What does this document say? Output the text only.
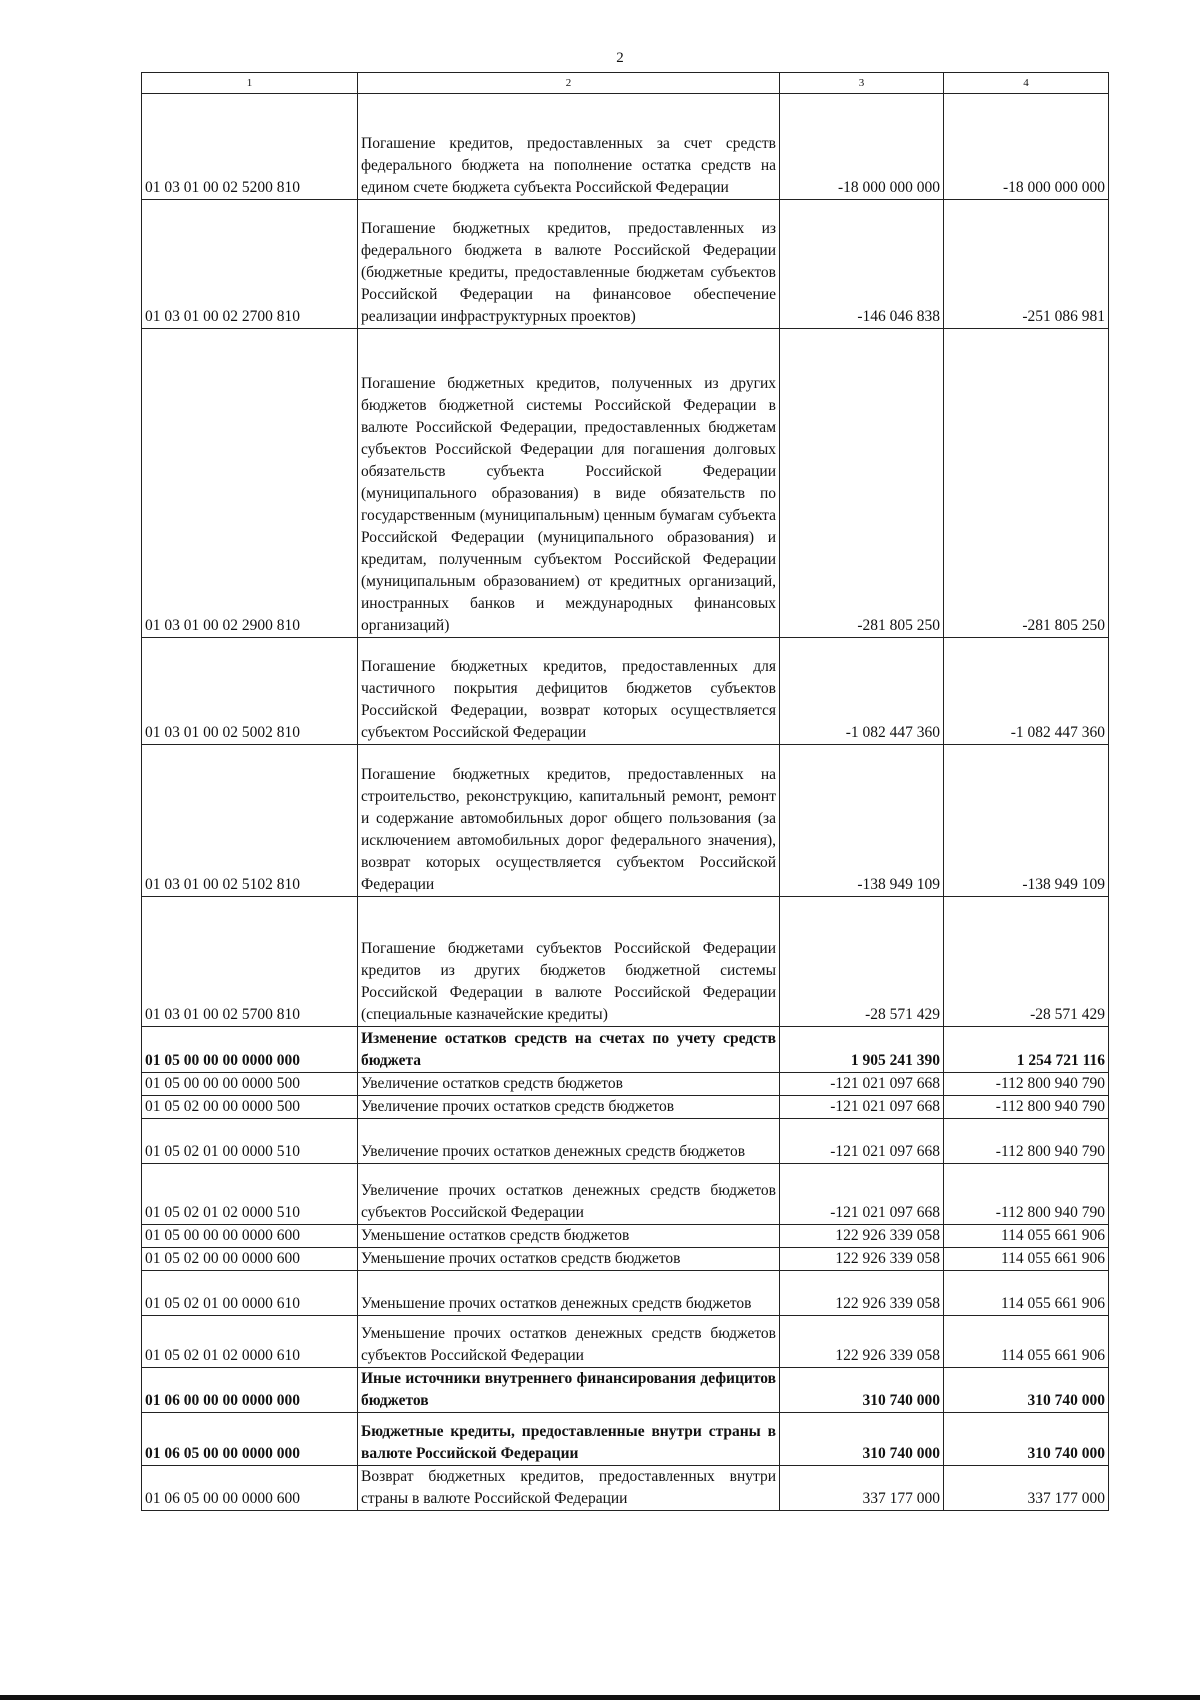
2
1	2	3	4
01 03 01 00 02 5200 810	Погашение кредитов, предоставленных за счет средств федерального бюджета на пополнение остатка средств на едином счете бюджета субъекта Российской Федерации	-18 000 000 000	-18 000 000 000
01 03 01 00 02 2700 810	Погашение бюджетных кредитов, предоставленных из федерального бюджета в валюте Российской Федерации (бюджетные кредиты, предоставленные бюджетам субъектов Российской Федерации на финансовое обеспечение реализации инфраструктурных проектов)	-146 046 838	-251 086 981
01 03 01 00 02 2900 810	Погашение бюджетных кредитов, полученных из других бюджетов бюджетной системы Российской Федерации в валюте Российской Федерации, предоставленных бюджетам субъектов Российской Федерации для погашения долговых обязательств субъекта Российской Федерации (муниципального образования) в виде обязательств по государственным (муниципальным) ценным бумагам субъекта Российской Федерации (муниципального образования) и кредитам, полученным субъектом Российской Федерации (муниципальным образованием) от кредитных организаций, иностранных банков и международных финансовых организаций)	-281 805 250	-281 805 250
01 03 01 00 02 5002 810	Погашение бюджетных кредитов, предоставленных для частичного покрытия дефицитов бюджетов субъектов Российской Федерации, возврат которых осуществляется субъектом Российской Федерации	-1 082 447 360	-1 082 447 360
01 03 01 00 02 5102 810	Погашение бюджетных кредитов, предоставленных на строительство, реконструкцию, капитальный ремонт, ремонт и содержание автомобильных дорог общего пользования (за исключением автомобильных дорог федерального значения), возврат которых осуществляется субъектом Российской Федерации	-138 949 109	-138 949 109
01 03 01 00 02 5700 810	Погашение бюджетами субъектов Российской Федерации кредитов из других бюджетов бюджетной системы Российской Федерации в валюте Российской Федерации (специальные казначейские кредиты)	-28 571 429	-28 571 429
01 05 00 00 00 0000 000	Изменение остатков средств на счетах по учету средств бюджета	1 905 241 390	1 254 721 116
01 05 00 00 00 0000 500	Увеличение остатков средств бюджетов	-121 021 097 668	-112 800 940 790
01 05 02 00 00 0000 500	Увеличение прочих остатков средств бюджетов	-121 021 097 668	-112 800 940 790
01 05 02 01 00 0000 510	Увеличение прочих остатков денежных средств бюджетов	-121 021 097 668	-112 800 940 790
01 05 02 01 02 0000 510	Увеличение прочих остатков денежных средств бюджетов субъектов Российской Федерации	-121 021 097 668	-112 800 940 790
01 05 00 00 00 0000 600	Уменьшение остатков средств бюджетов	122 926 339 058	114 055 661 906
01 05 02 00 00 0000 600	Уменьшение прочих остатков средств бюджетов	122 926 339 058	114 055 661 906
01 05 02 01 00 0000 610	Уменьшение прочих остатков денежных средств бюджетов	122 926 339 058	114 055 661 906
01 05 02 01 02 0000 610	Уменьшение прочих остатков денежных средств бюджетов субъектов Российской Федерации	122 926 339 058	114 055 661 906
01 06 00 00 00 0000 000	Иные источники внутреннего финансирования дефицитов бюджетов	310 740 000	310 740 000
01 06 05 00 00 0000 000	Бюджетные кредиты, предоставленные внутри страны в валюте Российской Федерации	310 740 000	310 740 000
01 06 05 00 00 0000 600	Возврат бюджетных кредитов, предоставленных внутри страны в валюте Российской Федерации	337 177 000	337 177 000
